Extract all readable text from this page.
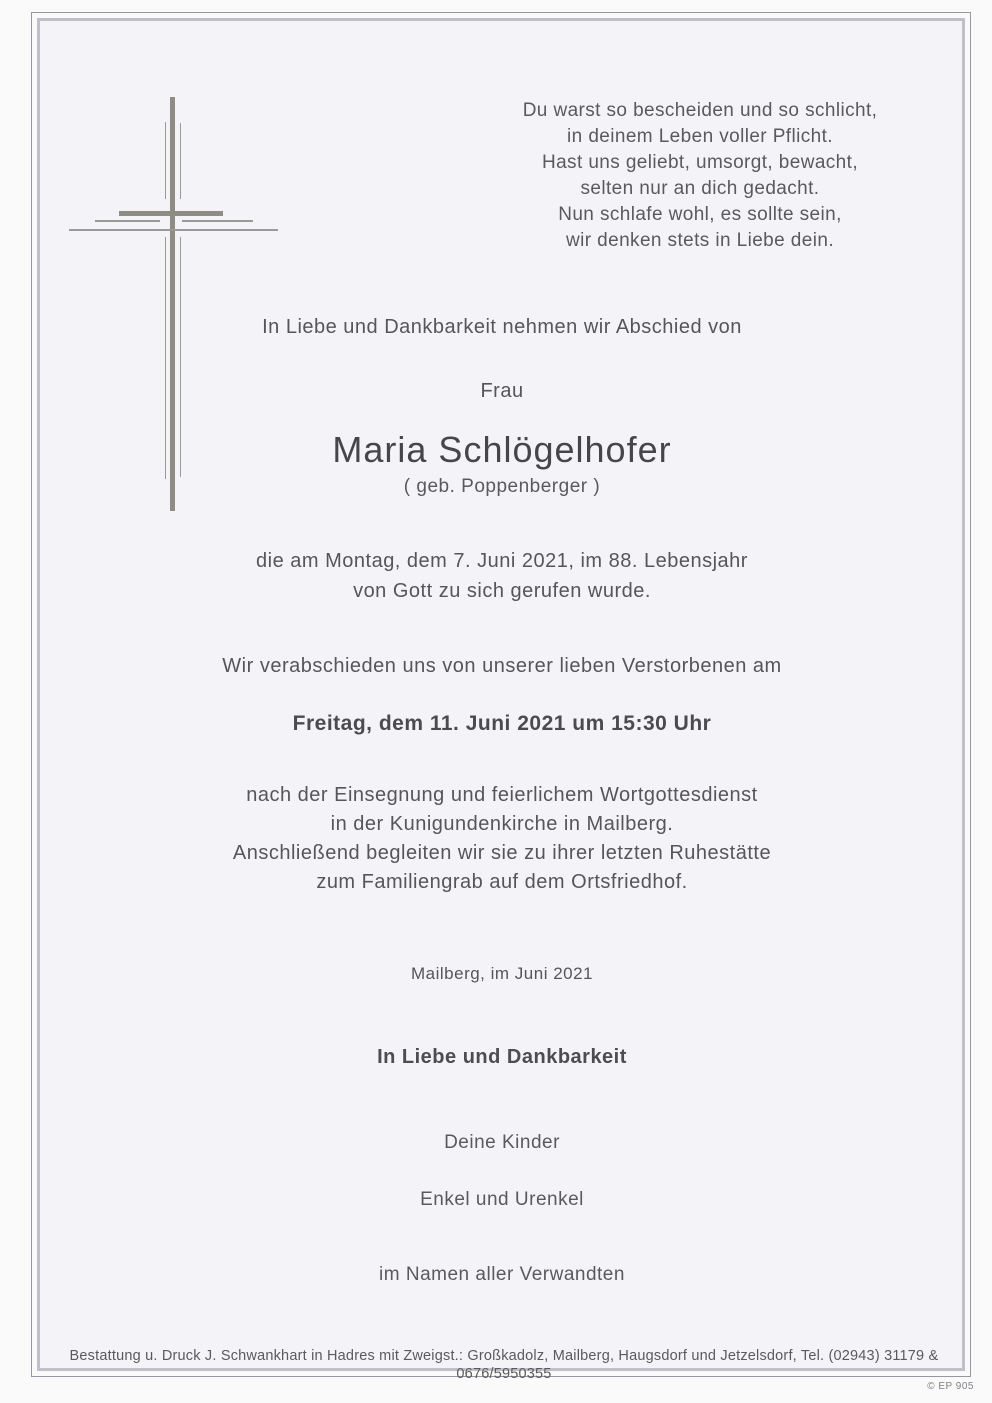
Du warst so bescheiden und so schlicht,
in deinem Leben voller Pflicht.
Hast uns geliebt, umsorgt, bewacht,
selten nur an dich gedacht.
Nun schlafe wohl, es sollte sein,
wir denken stets in Liebe dein.
In Liebe und Dankbarkeit nehmen wir Abschied von
Frau
Maria Schlögelhofer
( geb. Poppenberger )
die am Montag, dem 7. Juni 2021, im 88. Lebensjahr
von Gott zu sich gerufen wurde.
Wir verabschieden uns von unserer lieben Verstorbenen am
Freitag, dem 11. Juni 2021 um 15:30 Uhr
nach der Einsegnung und feierlichem Wortgottesdienst
in der Kunigundenkirche in Mailberg.
Anschließend begleiten wir sie zu ihrer letzten Ruhestätte
zum Familiengrab auf dem Ortsfriedhof.
Mailberg, im Juni 2021
In Liebe und Dankbarkeit
Deine Kinder
Enkel und Urenkel
im Namen aller Verwandten
Bestattung u. Druck J. Schwankhart in Hadres mit Zweigst.: Großkadolz, Mailberg, Haugsdorf und Jetzelsdorf, Tel. (02943) 31179 & 0676/5950355
© EP 905
